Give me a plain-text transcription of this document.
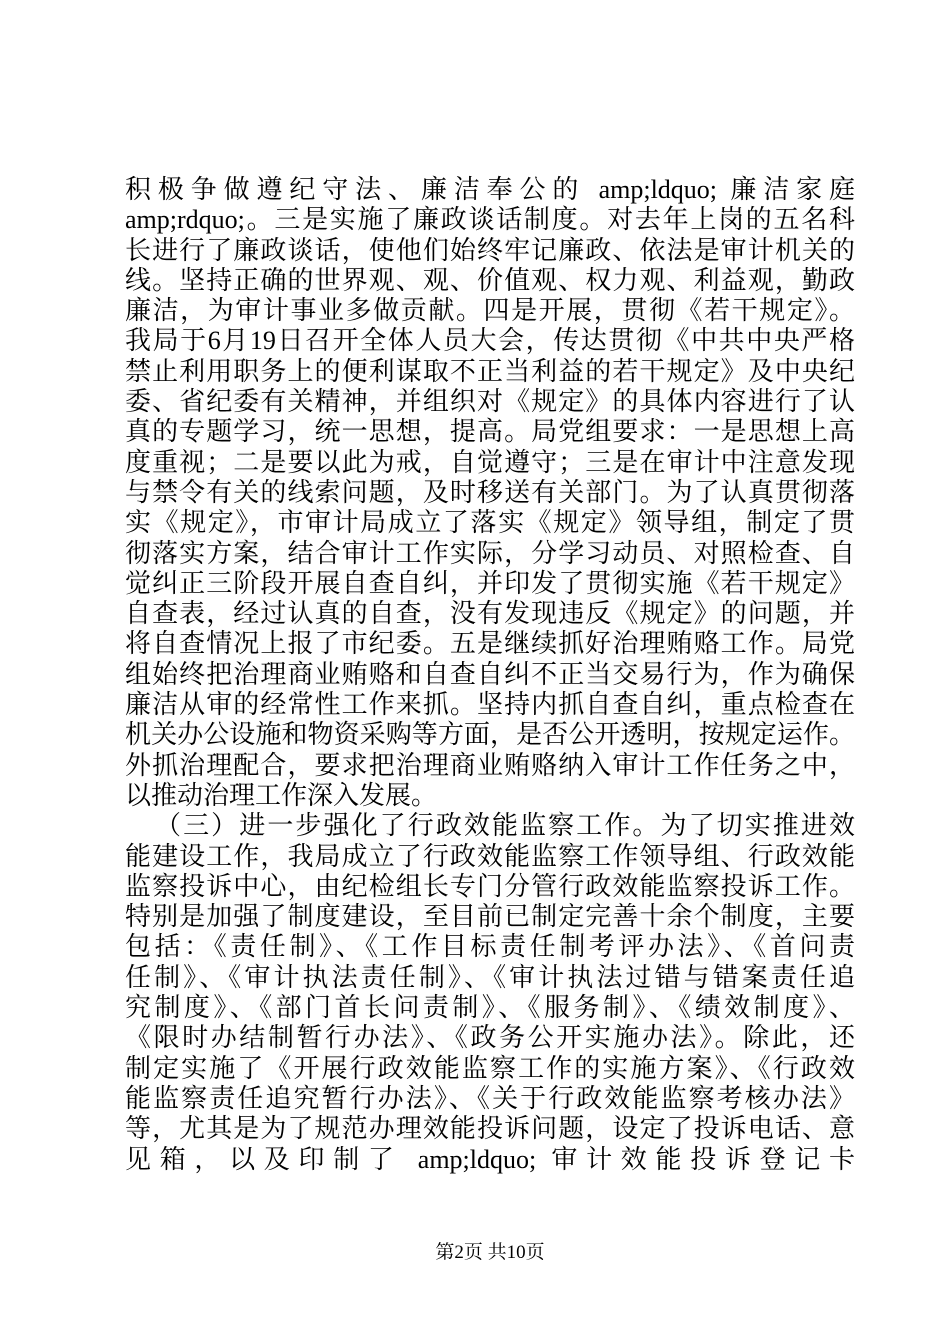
积极争做遵纪守法、廉洁奉公的 amp;ldquo; 廉洁家庭
amp;rdquo;。三是实施了廉政谈话制度。对去年上岗的五名科
长进行了廉政谈话，使他们始终牢记廉政、依法是审计机关的
线。坚持正确的世界观、观、价值观、权力观、利益观，勤政
廉洁，为审计事业多做贡献。四是开展，贯彻《若干规定》。
我局于6月19日召开全体人员大会，传达贯彻《中共中央严格
禁止利用职务上的便利谋取不正当利益的若干规定》及中央纪
委、省纪委有关精神，并组织对《规定》的具体内容进行了认
真的专题学习，统一思想，提高。局党组要求：一是思想上高
度重视；二是要以此为戒，自觉遵守；三是在审计中注意发现
与禁令有关的线索问题，及时移送有关部门。为了认真贯彻落
实《规定》，市审计局成立了落实《规定》领导组，制定了贯
彻落实方案，结合审计工作实际，分学习动员、对照检查、自
觉纠正三阶段开展自查自纠，并印发了贯彻实施《若干规定》
自查表，经过认真的自查，没有发现违反《规定》的问题，并
将自查情况上报了市纪委。五是继续抓好治理贿赂工作。局党
组始终把治理商业贿赂和自查自纠不正当交易行为，作为确保
廉洁从审的经常性工作来抓。坚持内抓自查自纠，重点检查在
机关办公设施和物资采购等方面，是否公开透明，按规定运作。
外抓治理配合，要求把治理商业贿赂纳入审计工作任务之中，
以推动治理工作深入发展。
（三）进一步强化了行政效能监察工作。为了切实推进效
能建设工作，我局成立了行政效能监察工作领导组、行政效能
监察投诉中心，由纪检组长专门分管行政效能监察投诉工作。
特别是加强了制度建设，至目前已制定完善十余个制度，主要
包括：《责任制》、《工作目标责任制考评办法》、《首问责
任制》、《审计执法责任制》、《审计执法过错与错案责任追
究制度》、《部门首长问责制》、《服务制》、《绩效制度》、
《限时办结制暂行办法》、《政务公开实施办法》。除此，还
制定实施了《开展行政效能监察工作的实施方案》、《行政效
能监察责任追究暂行办法》、《关于行政效能监察考核办法》
等，尤其是为了规范办理效能投诉问题，设定了投诉电话、意
见箱，以及印制了 amp;ldquo; 审计效能投诉登记卡
第2页 共10页
